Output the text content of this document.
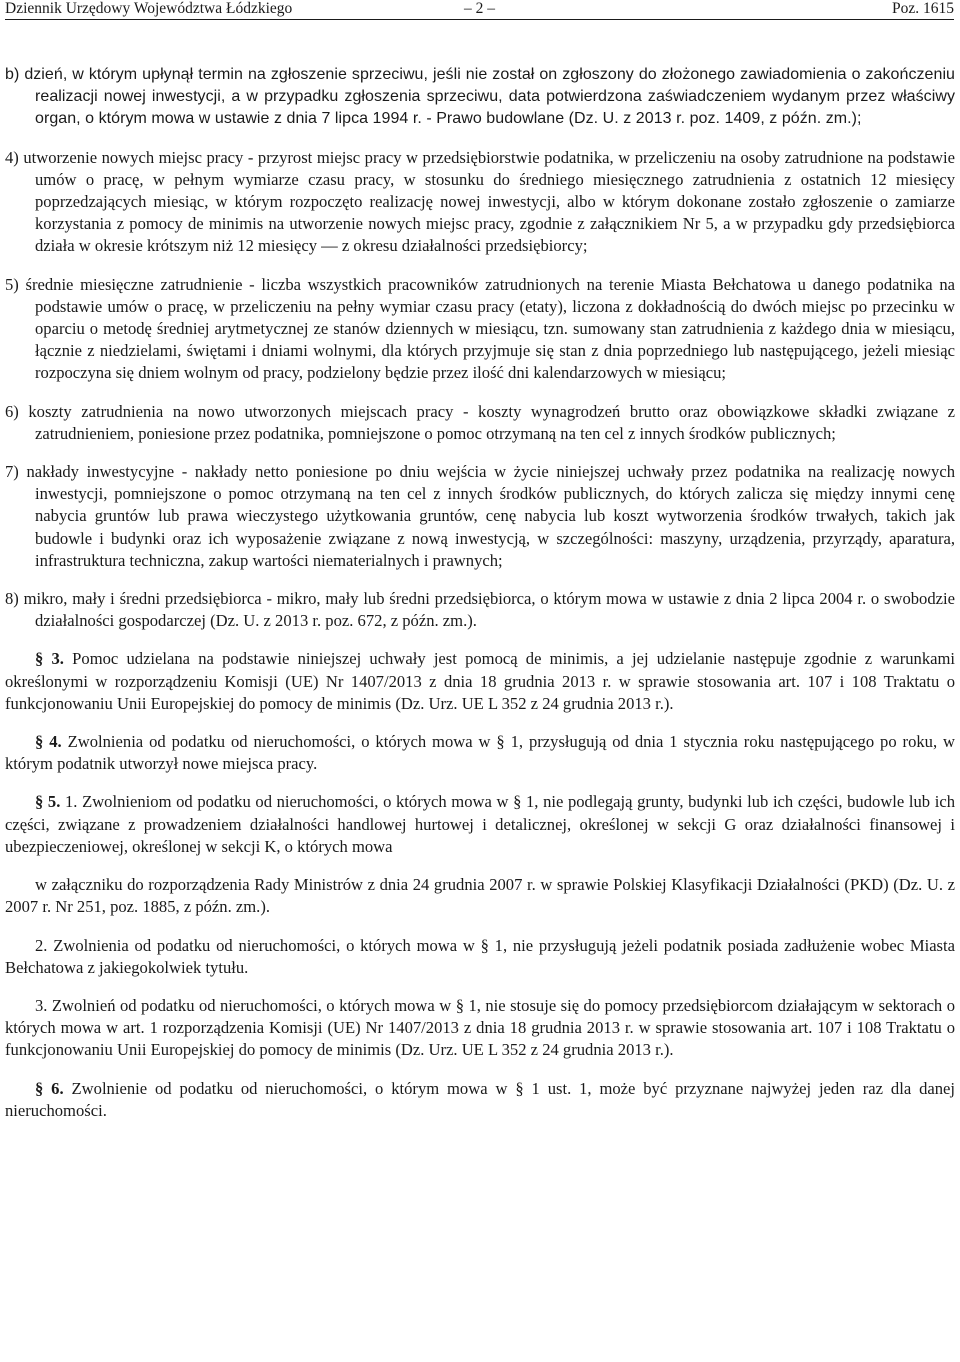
Dziennik Urzędowy Województwa Łódzkiego	– 2 –	Poz. 1615

b) dzień, w którym upłynął termin na zgłoszenie sprzeciwu, jeśli nie został on zgłoszony do złożonego zawiadomienia o zakończeniu realizacji nowej inwestycji, a w przypadku zgłoszenia sprzeciwu, data potwierdzona zaświadczeniem wydanym przez właściwy organ, o którym mowa w ustawie z dnia 7 lipca 1994 r. - Prawo budowlane (Dz. U. z 2013 r. poz. 1409, z późn. zm.);

4) utworzenie nowych miejsc pracy - przyrost miejsc pracy w przedsiębiorstwie podatnika, w przeliczeniu na osoby zatrudnione na podstawie umów o pracę, w pełnym wymiarze czasu pracy, w stosunku do średniego miesięcznego zatrudnienia z ostatnich 12 miesięcy poprzedzających miesiąc, w którym rozpoczęto realizację nowej inwestycji, albo w którym dokonane zostało zgłoszenie o zamiarze korzystania z pomocy de minimis na utworzenie nowych miejsc pracy, zgodnie z załącznikiem Nr 5, a w przypadku gdy przedsiębiorca działa w okresie krótszym niż 12 miesięcy — z okresu działalności przedsiębiorcy;

5) średnie miesięczne zatrudnienie - liczba wszystkich pracowników zatrudnionych na terenie Miasta Bełchatowa u danego podatnika na podstawie umów o pracę, w przeliczeniu na pełny wymiar czasu pracy (etaty), liczona z dokładnością do dwóch miejsc po przecinku w oparciu o metodę średniej arytmetycznej ze stanów dziennych w miesiącu, tzn. sumowany stan zatrudnienia z każdego dnia w miesiącu, łącznie z niedzielami, świętami i dniami wolnymi, dla których przyjmuje się stan z dnia poprzedniego lub następującego, jeżeli miesiąc rozpoczyna się dniem wolnym od pracy, podzielony będzie przez ilość dni kalendarzowych w miesiącu;

6) koszty zatrudnienia na nowo utworzonych miejscach pracy - koszty wynagrodzeń brutto oraz obowiązkowe składki związane z zatrudnieniem, poniesione przez podatnika, pomniejszone o pomoc otrzymaną na ten cel z innych środków publicznych;

7) nakłady inwestycyjne - nakłady netto poniesione po dniu wejścia w życie niniejszej uchwały przez podatnika na realizację nowych inwestycji, pomniejszone o pomoc otrzymaną na ten cel z innych środków publicznych, do których zalicza się między innymi cenę nabycia gruntów lub prawa wieczystego użytkowania gruntów, cenę nabycia lub koszt wytworzenia środków trwałych, takich jak budowle i budynki oraz ich wyposażenie związane z nową inwestycją, w szczególności: maszyny, urządzenia, przyrządy, aparatura, infrastruktura techniczna, zakup wartości niematerialnych i prawnych;

8) mikro, mały i średni przedsiębiorca - mikro, mały lub średni przedsiębiorca, o którym mowa w ustawie z dnia 2 lipca 2004 r. o swobodzie działalności gospodarczej (Dz. U. z 2013 r. poz. 672, z późn. zm.).

§ 3. Pomoc udzielana na podstawie niniejszej uchwały jest pomocą de minimis, a jej udzielanie następuje zgodnie z warunkami określonymi w rozporządzeniu Komisji (UE) Nr 1407/2013 z dnia 18 grudnia 2013 r. w sprawie stosowania art. 107 i 108 Traktatu o funkcjonowaniu Unii Europejskiej do pomocy de minimis (Dz. Urz. UE L 352 z 24 grudnia 2013 r.).

§ 4. Zwolnienia od podatku od nieruchomości, o których mowa w § 1, przysługują od dnia 1 stycznia roku następującego po roku, w którym podatnik utworzył nowe miejsca pracy.

§ 5. 1. Zwolnieniom od podatku od nieruchomości, o których mowa w § 1, nie podlegają grunty, budynki lub ich części, budowle lub ich części, związane z prowadzeniem działalności handlowej hurtowej i detalicznej, określonej w sekcji G oraz działalności finansowej i ubezpieczeniowej, określonej w sekcji K, o których mowa

w załączniku do rozporządzenia Rady Ministrów z dnia 24 grudnia 2007 r. w sprawie Polskiej Klasyfikacji Działalności (PKD) (Dz. U. z 2007 r. Nr 251, poz. 1885, z późn. zm.).

2. Zwolnienia od podatku od nieruchomości, o których mowa w § 1, nie przysługują jeżeli podatnik posiada zadłużenie wobec Miasta Bełchatowa z jakiegokolwiek tytułu.

3. Zwolnień od podatku od nieruchomości, o których mowa w § 1, nie stosuje się do pomocy przedsiębiorcom działającym w sektorach o których mowa w art. 1 rozporządzenia Komisji (UE) Nr 1407/2013 z dnia 18 grudnia 2013 r. w sprawie stosowania art. 107 i 108 Traktatu o funkcjonowaniu Unii Europejskiej do pomocy de minimis (Dz. Urz. UE L 352 z 24 grudnia 2013 r.).

§ 6. Zwolnienie od podatku od nieruchomości, o którym mowa w § 1 ust. 1, może być przyznane najwyżej jeden raz dla danej nieruchomości.
